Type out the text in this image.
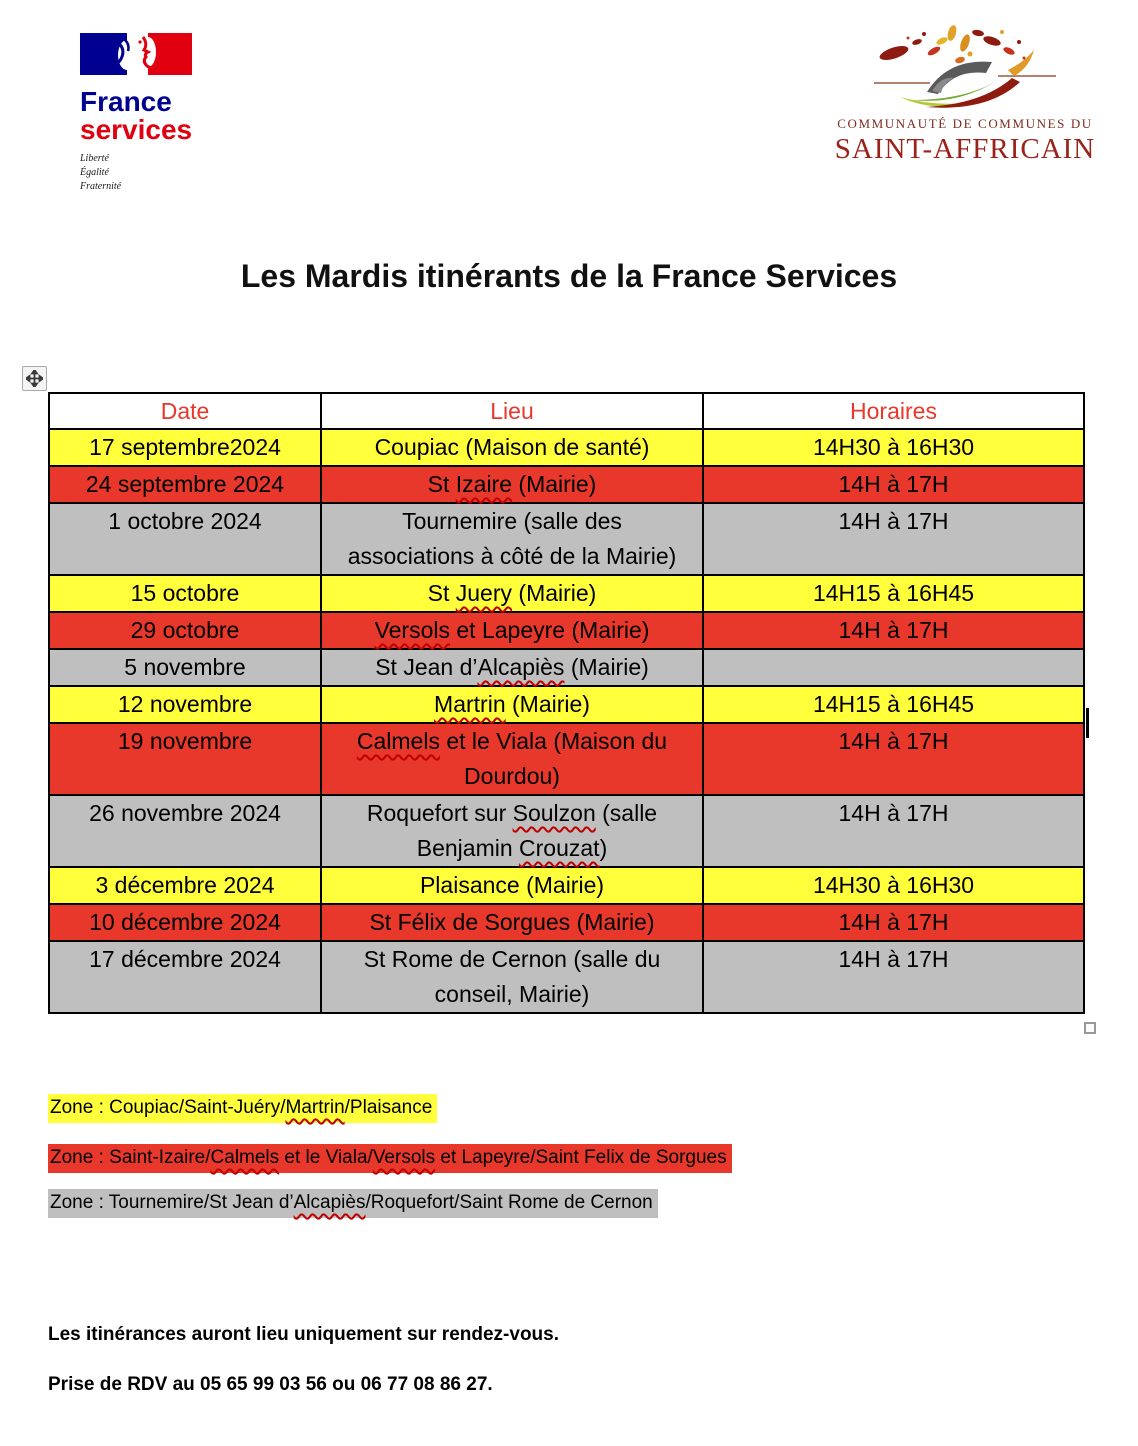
France
services
Liberté
Égalité
Fraternité
COMMUNAUTÉ DE COMMUNES DU
SAINT-AFFRICAIN
Les Mardis itinérants de la France Services
Date	Lieu	Horaires
17 septembre2024	Coupiac (Maison de santé)	14H30 à 16H30
24 septembre 2024	St Izaire (Mairie)	14H à 17H
1 octobre 2024	Tournemire (salle des associations à côté de la Mairie)	14H à 17H
15 octobre	St Juery (Mairie)	14H15 à 16H45
29 octobre	Versols et Lapeyre (Mairie)	14H à 17H
5 novembre	St Jean d’Alcapiès (Mairie)	
12 novembre	Martrin (Mairie)	14H15 à 16H45
19 novembre	Calmels et le Viala (Maison du Dourdou)	14H à 17H
26 novembre 2024	Roquefort sur Soulzon (salle Benjamin Crouzat)	14H à 17H
3 décembre 2024	Plaisance (Mairie)	14H30 à 16H30
10 décembre 2024	St Félix de Sorgues (Mairie)	14H à 17H
17 décembre 2024	St Rome de Cernon (salle du conseil, Mairie)	14H à 17H
Zone : Coupiac/Saint-Juéry/Martrin/Plaisance
Zone : Saint-Izaire/Calmels et le Viala/Versols et Lapeyre/Saint Felix de Sorgues
Zone : Tournemire/St Jean d’Alcapiès/Roquefort/Saint Rome de Cernon
Les itinérances auront lieu uniquement sur rendez-vous.
Prise de RDV au 05 65 99 03 56 ou 06 77 08 86 27.
